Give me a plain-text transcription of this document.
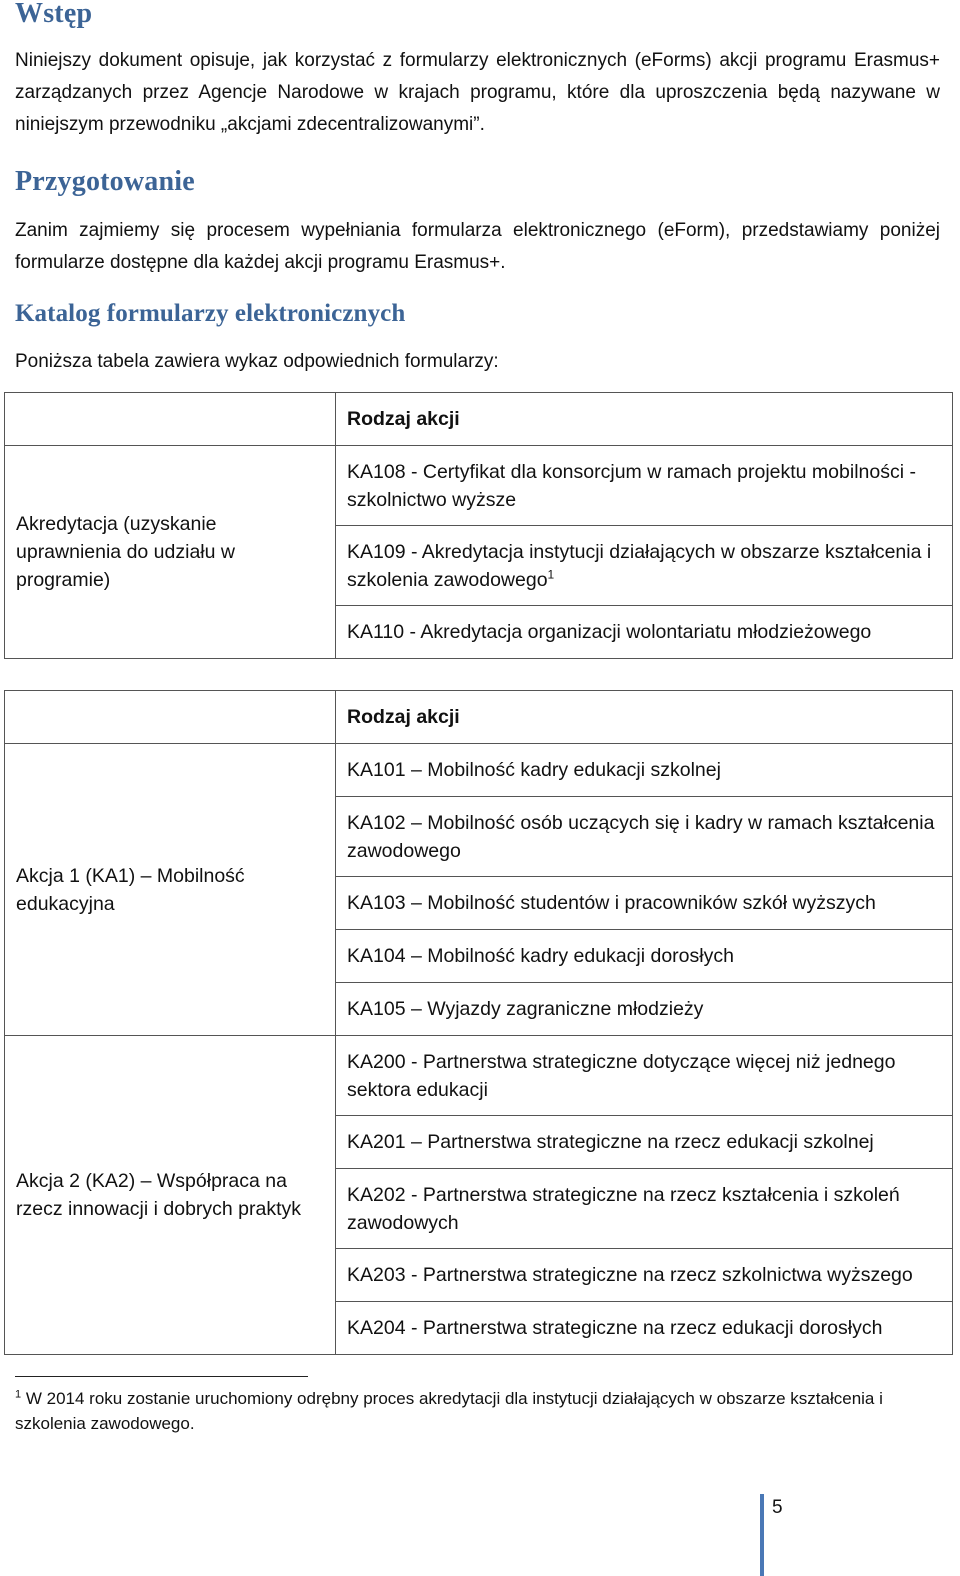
Wstęp

Niniejszy dokument opisuje, jak korzystać z formularzy elektronicznych (eForms) akcji programu Erasmus+ zarządzanych przez Agencje Narodowe w krajach programu, które dla uproszczenia będą nazywane w niniejszym przewodniku „akcjami zdecentralizowanymi”.

Przygotowanie

Zanim zajmiemy się procesem wypełniania formularza elektronicznego (eForm), przedstawiamy poniżej formularze dostępne dla każdej akcji programu Erasmus+.

Katalog formularzy elektronicznych

Poniższa tabela zawiera wykaz odpowiednich formularzy:

	Rodzaj akcji
Akredytacja (uzyskanie uprawnienia do udziału w programie)	KA108 - Certyfikat dla konsorcjum w ramach projektu mobilności - szkolnictwo wyższe
	KA109 - Akredytacja instytucji działających w obszarze kształcenia i szkolenia zawodowego$^1$
	KA110 - Akredytacja organizacji wolontariatu młodzieżowego
	Rodzaj akcji
Akcja 1 (KA1) – Mobilność edukacyjna	KA101 – Mobilność kadry edukacji szkolnej
	KA102 – Mobilność osób uczących się i kadry w ramach kształcenia zawodowego
	KA103 – Mobilność studentów i pracowników szkół wyższych
	KA104 – Mobilność kadry edukacji dorosłych
	KA105 – Wyjazdy zagraniczne młodzieży
Akcja 2 (KA2) – Współpraca na rzecz innowacji i dobrych praktyk	KA200 - Partnerstwa strategiczne dotyczące więcej niż jednego sektora edukacji
	KA201 – Partnerstwa strategiczne na rzecz edukacji szkolnej
	KA202 - Partnerstwa strategiczne na rzecz kształcenia i szkoleń zawodowych
	KA203 - Partnerstwa strategiczne na rzecz szkolnictwa wyższego
	KA204 - Partnerstwa strategiczne na rzecz edukacji dorosłych

$^1$ W 2014 roku zostanie uruchomiony odrębny proces akredytacji dla instytucji działających w obszarze kształcenia i szkolenia zawodowego.

5
